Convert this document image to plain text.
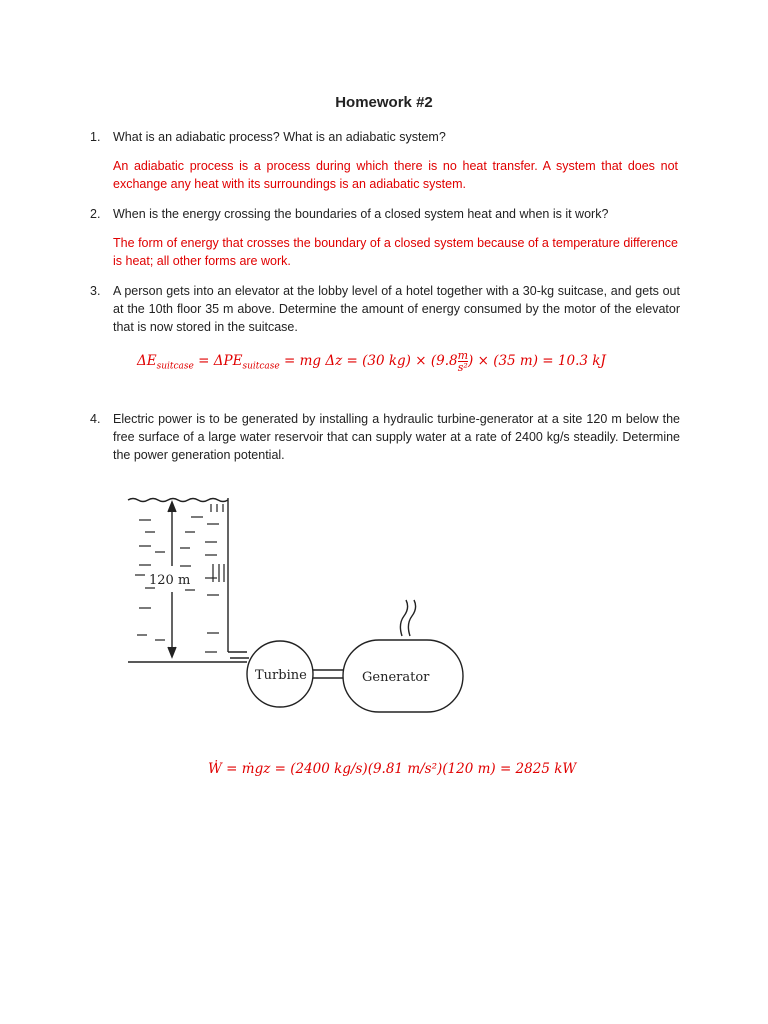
Homework #2
1. What is an adiabatic process? What is an adiabatic system?
An adiabatic process is a process during which there is no heat transfer. A system that does not exchange any heat with its surroundings is an adiabatic system.
2. When is the energy crossing the boundaries of a closed system heat and when is it work?
The form of energy that crosses the boundary of a closed system because of a temperature difference is heat; all other forms are work.
3. A person gets into an elevator at the lobby level of a hotel together with a 30-kg suitcase, and gets out at the 10th floor 35 m above. Determine the amount of energy consumed by the motor of the elevator that is now stored in the suitcase.
$\Delta E_{suitcase} = \Delta PE_{suitcase}$ = mg Δz = (30 $kg) \times (9.8 \frac{m}{\text{s²}}$ ) × (35 m) = 10.3 kJ
4. Electric power is to be generated by installing a hydraulic turbine-generator at a site 120 m below the free surface of a large water reservoir that can supply water at a rate of 2400 kg/s steadily. Determine the power generation potential.
120 m
Turbine	Generator
Ẇ = ṁgz = (2400 kg/s)(9.81 m/s²)(120 m) = 2825 kW
